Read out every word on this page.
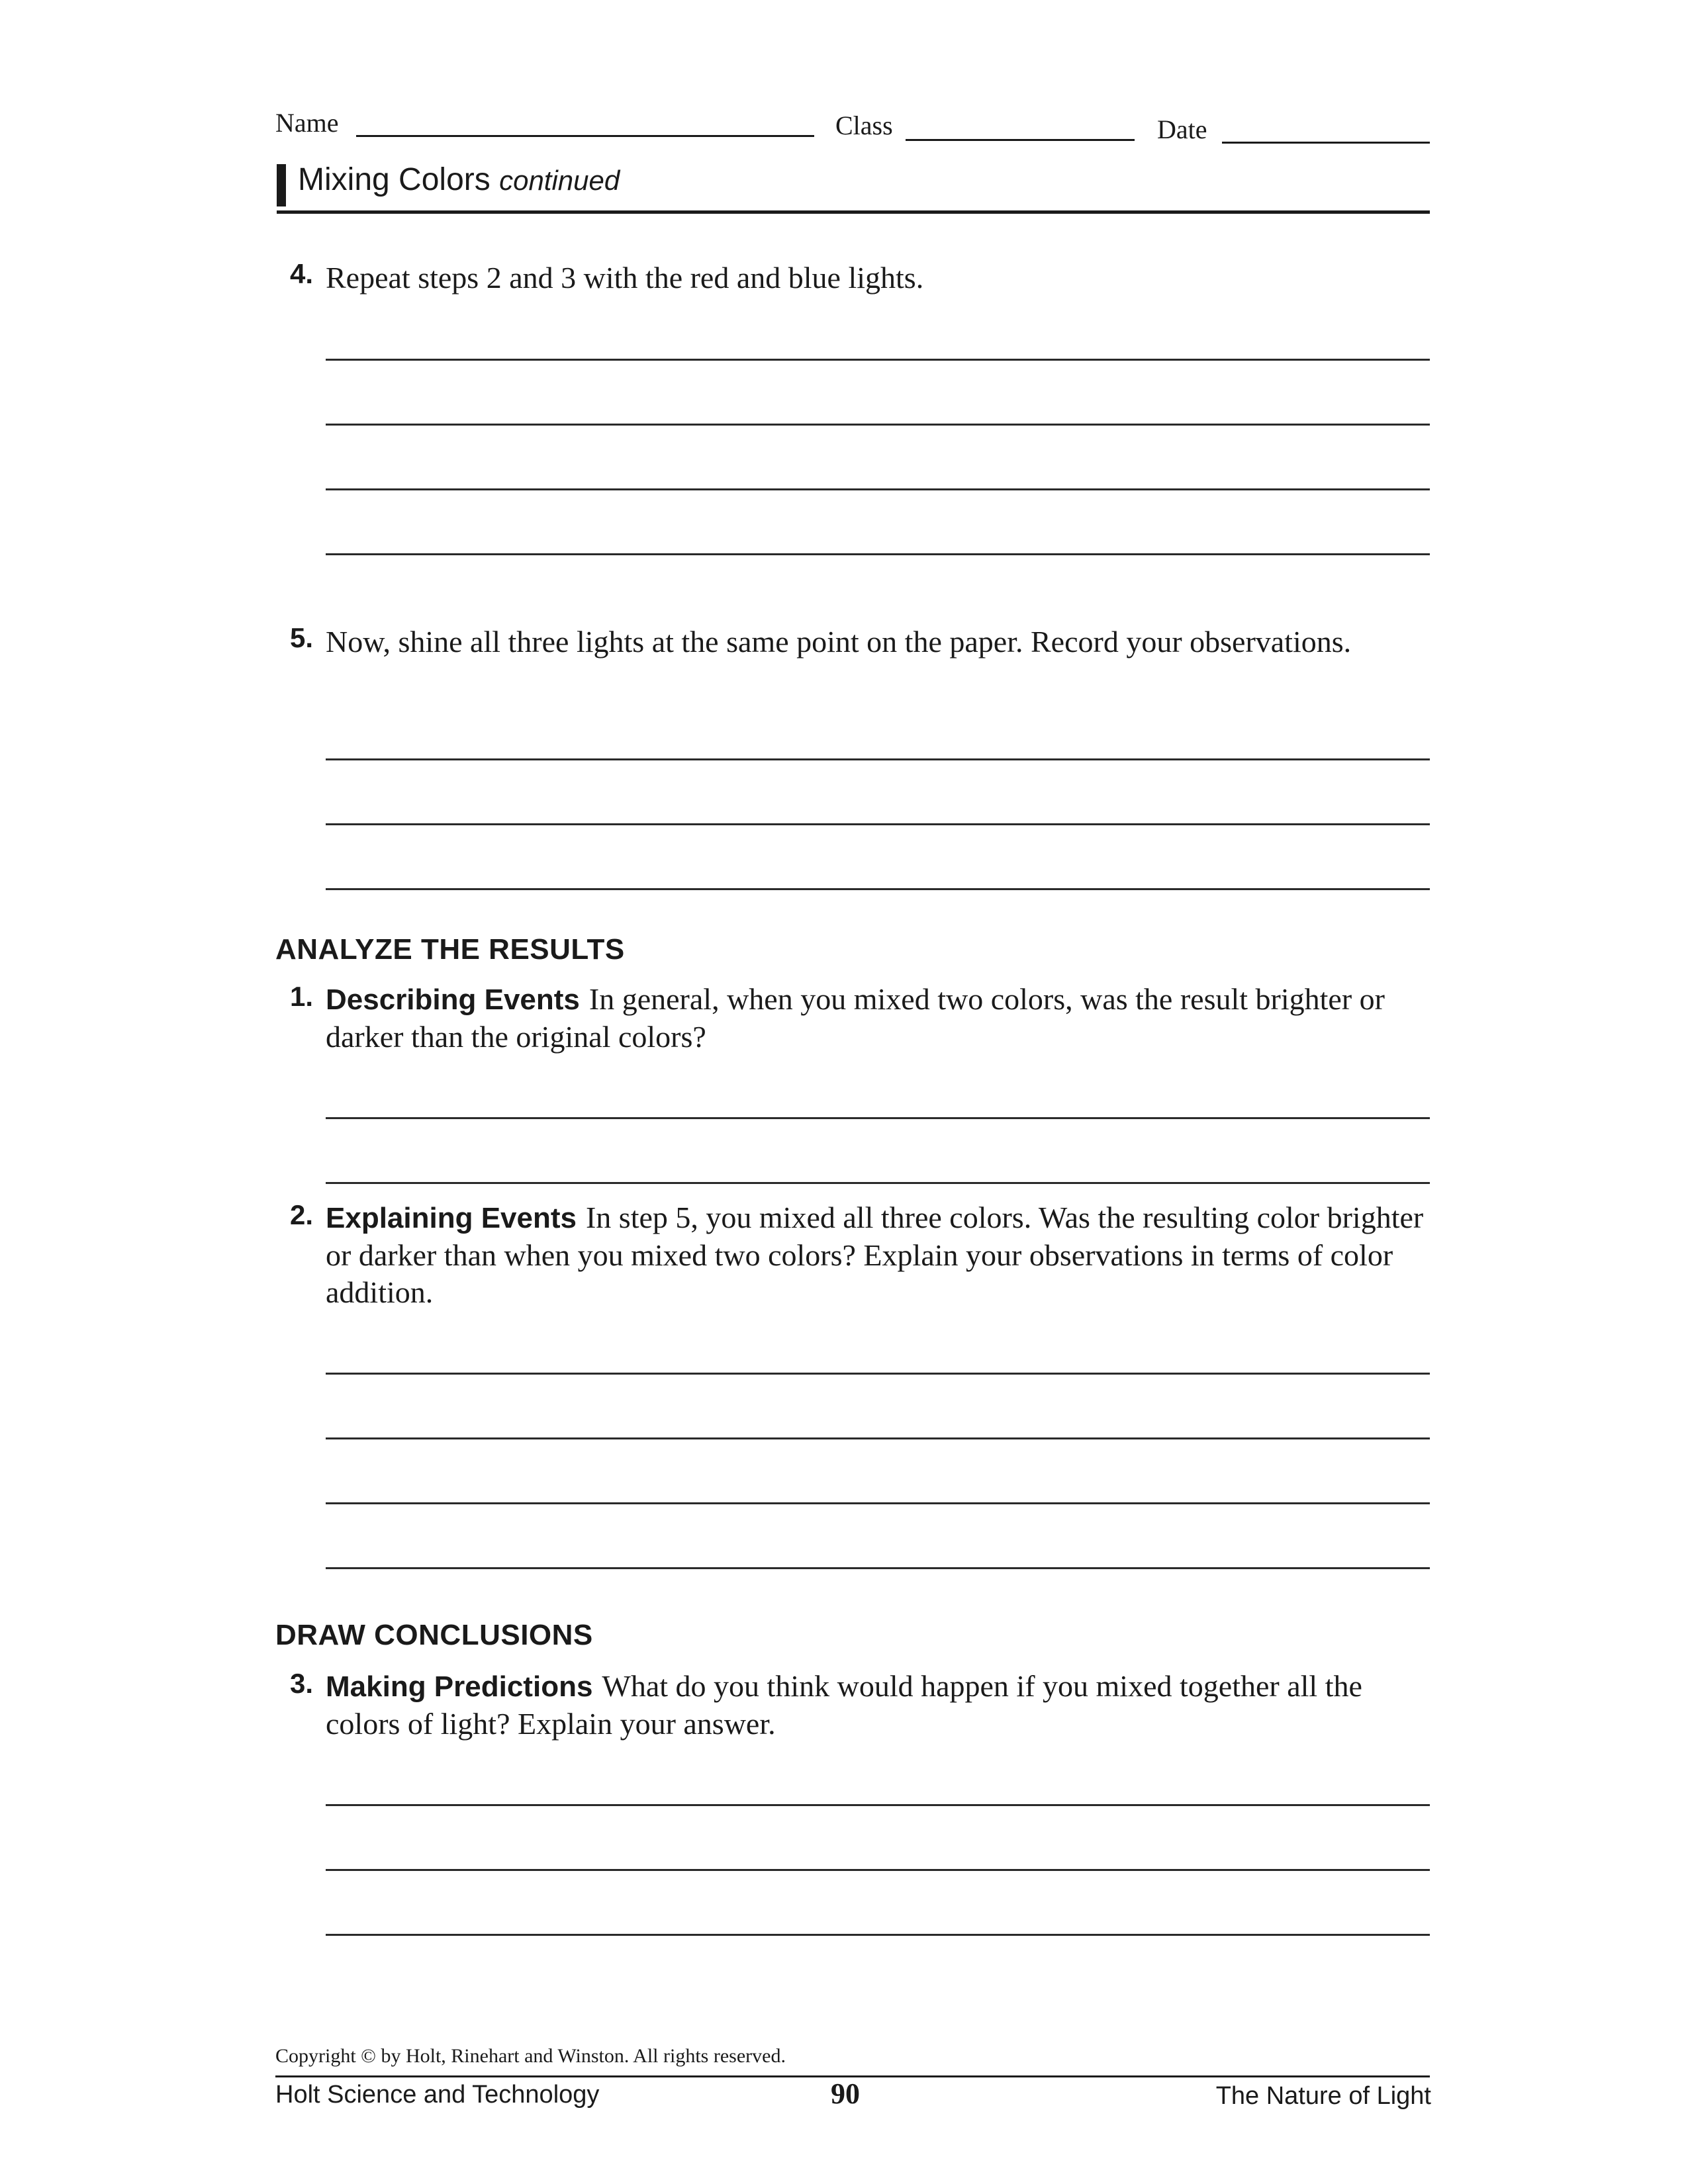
Name	Class	Date
Mixing Colors continued
4. Repeat steps 2 and 3 with the red and blue lights.
5. Now, shine all three lights at the same point on the paper. Record your observations.
ANALYZE THE RESULTS
1. Describing Events In general, when you mixed two colors, was the result brighter or darker than the original colors?
2. Explaining Events In step 5, you mixed all three colors. Was the resulting color brighter or darker than when you mixed two colors? Explain your observations in terms of color addition.
DRAW CONCLUSIONS
3. Making Predictions What do you think would happen if you mixed together all the colors of light? Explain your answer.
Copyright © by Holt, Rinehart and Winston. All rights reserved.
Holt Science and Technology	90	The Nature of Light
